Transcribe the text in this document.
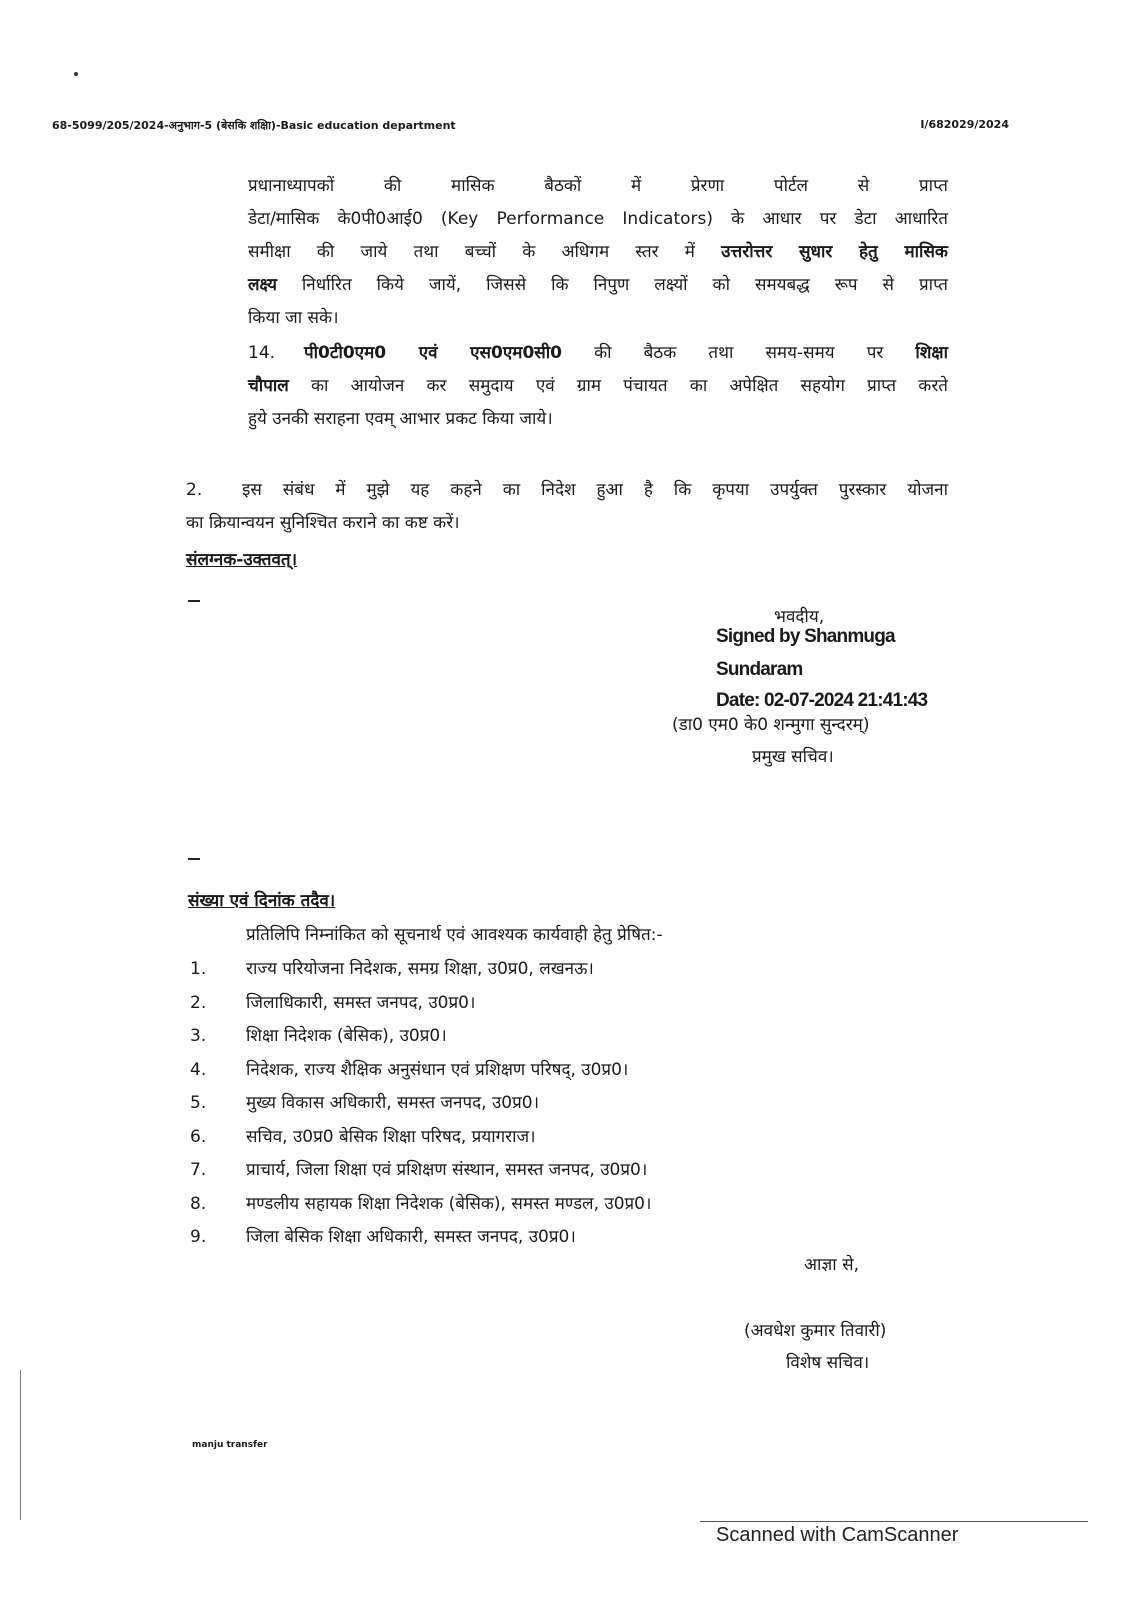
68-5099/205/2024-अनुभाग-5 (बेसकि शक्षिा)-Basic education department	I/682029/2024
प्रधानाध्यापकों की मासिक बैठकों में प्रेरणा पोर्टल से प्राप्त
डेटा/मासिक के0पी0आई0 (Key Performance Indicators) के आधार पर डेटा आधारित
समीक्षा की जाये तथा बच्चों के अधिगम स्तर में उत्तरोत्तर सुधार हेतु मासिक
लक्ष्य निर्धारित किये जायें, जिससे कि निपुण लक्ष्यों को समयबद्ध रूप से प्राप्त
किया जा सके।
14. पी0टी0एम0 एवं एस0एम0सी0 की बैठक तथा समय-समय पर शिक्षा
चौपाल का आयोजन कर समुदाय एवं ग्राम पंचायत का अपेक्षित सहयोग प्राप्त करते
हुये उनकी सराहना एवम् आभार प्रकट किया जाये।
2. इस संबंध में मुझे यह कहने का निदेश हुआ है कि कृपया उपर्युक्त पुरस्कार योजना
का क्रियान्वयन सुनिश्चित कराने का कष्ट करें।
संलग्नक-उक्तवत्।
भवदीय,
Signed by Shanmuga
Sundaram
Date: 02-07-2024 21:41:43
(डा0 एम0 के0 शन्मुगा सुन्दरम्)
प्रमुख सचिव।
संख्या एवं दिनांक तदैव।
प्रतिलिपि निम्नांकित को सूचनार्थ एवं आवश्यक कार्यवाही हेतु प्रेषित:-
1. राज्य परियोजना निदेशक, समग्र शिक्षा, उ0प्र0, लखनऊ।
2. जिलाधिकारी, समस्त जनपद, उ0प्र0।
3. शिक्षा निदेशक (बेसिक), उ0प्र0।
4. निदेशक, राज्य शैक्षिक अनुसंधान एवं प्रशिक्षण परिषद्, उ0प्र0।
5. मुख्य विकास अधिकारी, समस्त जनपद, उ0प्र0।
6. सचिव, उ0प्र0 बेसिक शिक्षा परिषद, प्रयागराज।
7. प्राचार्य, जिला शिक्षा एवं प्रशिक्षण संस्थान, समस्त जनपद, उ0प्र0।
8. मण्डलीय सहायक शिक्षा निदेशक (बेसिक), समस्त मण्डल, उ0प्र0।
9. जिला बेसिक शिक्षा अधिकारी, समस्त जनपद, उ0प्र0।
आज्ञा से,
(अवधेश कुमार तिवारी)
विशेष सचिव।
manju transfer
Scanned with CamScanner
